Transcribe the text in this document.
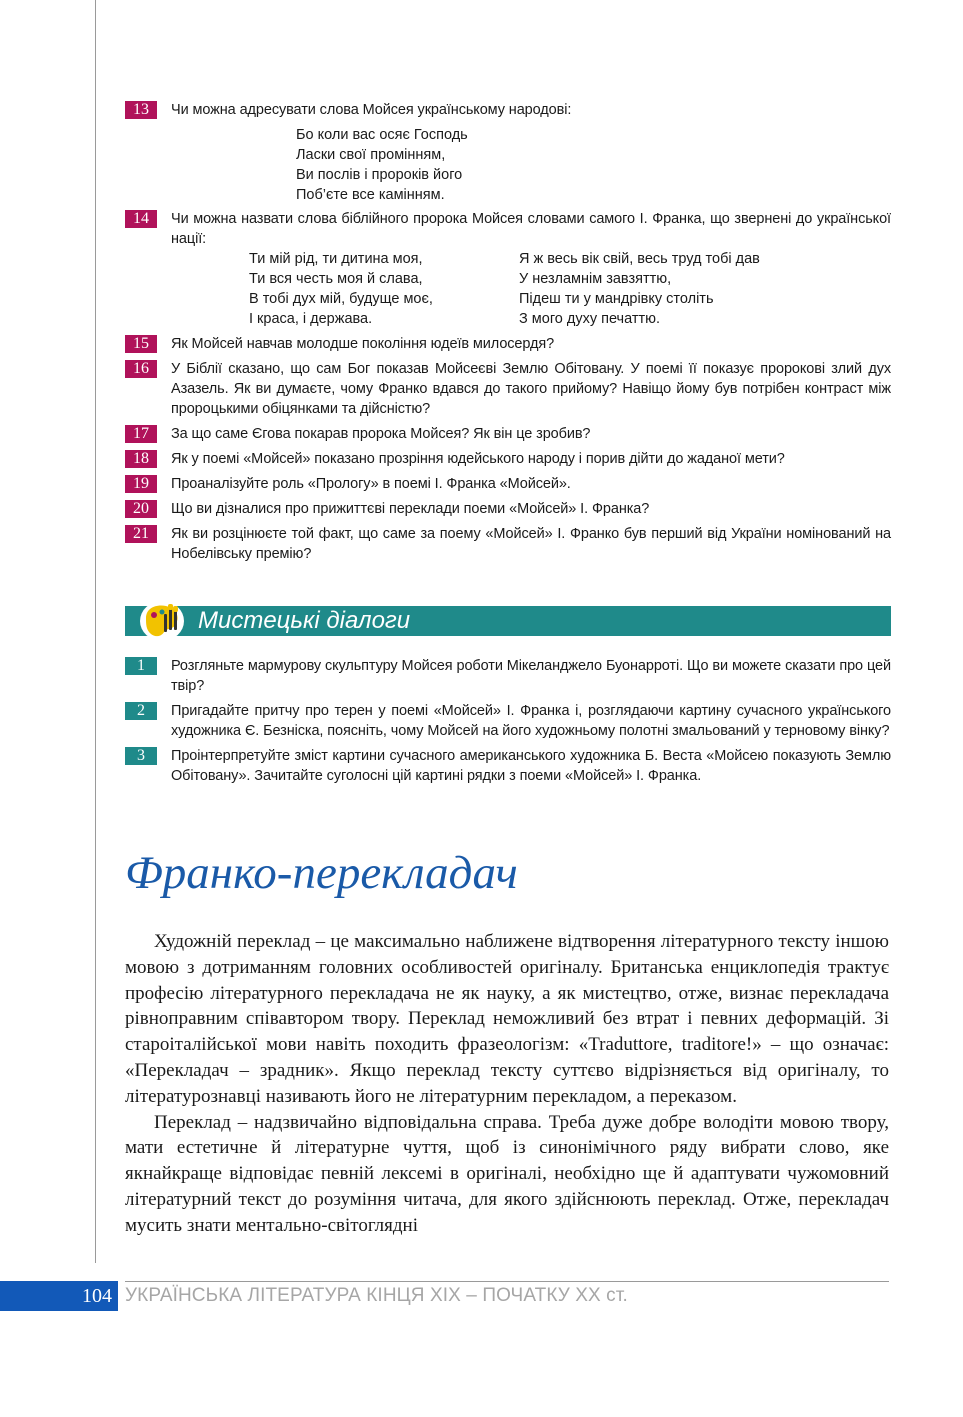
13	Чи можна адресувати слова Мойсея українському народові:
Бо коли вас осяє Господь
Ласки свої промінням,
Ви послів і пророків його
Поб’єте все камінням.
14	Чи можна назвати слова біблійного пророка Мойсея словами самого І. Франка, що звернені до української нації:
Ти мій рід, ти дитина моя,
Ти вся честь моя й слава,
В тобі дух мій, будуще моє,
І краса, і держава.
Я ж весь вік свій, весь труд тобі дав
У незламнім завзяттю,
Підеш ти у мандрівку століть
З мого духу печаттю.
15	Як Мойсей навчав молодше покоління юдеїв милосердя?
16	У Біблії сказано, що сам Бог показав Мойсеєві Землю Обітовану. У поемі її показує пророкові злий дух Азазель. Як ви думаєте, чому Франко вдався до такого прийому? Навіщо йому був потрібен контраст між пророцькими обіцянками та дійсністю?
17	За що саме Єгова покарав пророка Мойсея? Як він це зробив?
18	Як у поемі «Мойсей» показано прозріння юдейського народу і порив дійти до жаданої мети?
19	Проаналізуйте роль «Прологу» в поемі І. Франка «Мойсей».
20	Що ви дізналися про прижиттєві переклади поеми «Мойсей» І. Франка?
21	Як ви розцінюєте той факт, що саме за поему «Мойсей» І. Франко був перший від України номінований на Нобелівську премію?
Мистецькі діалоги
1	Розгляньте мармурову скульптуру Мойсея роботи Мікеланджело Буонарроті. Що ви можете сказати про цей твір?
2	Пригадайте притчу про терен у поемі «Мойсей» І. Франка і, розглядаючи картину сучасного українського художника Є. Безніска, поясніть, чому Мойсей на його художньому полотні змальований у терновому вінку?
3	Проінтерпретуйте зміст картини сучасного американського художника Б. Веста «Мойсею показують Землю Обітовану». Зачитайте суголосні цій картині рядки з поеми «Мойсей» І. Франка.
Франко-перекладач

Художній переклад – це максимально наближене відтворення літературного тексту іншою мовою з дотриманням головних особливостей оригіналу. Британська енциклопедія трактує професію літературного перекладача не як науку, а як мистецтво, отже, визнає перекладача рівноправним співавтором твору. Переклад неможливий без втрат і певних деформацій. Зі староіталійської мови навіть походить фразеологізм: «Traduttore, traditore!» – що означає: «Перекладач – зрадник». Якщо переклад тексту суттєво відрізняється від оригіналу, то літературознавці називають його не літературним перекладом, а переказом.

Переклад – надзвичайно відповідальна справа. Треба дуже добре володіти мовою твору, мати естетичне й літературне чуття, щоб із синонімічного ряду вибрати слово, яке якнайкраще відповідає певній лексемі в оригіналі, необхідно ще й адаптувати чужомовний літературний текст до розуміння читача, для якого здійснюють переклад. Отже, перекладач мусить знати ментально-світоглядні

104 УКРАЇНСЬКА ЛІТЕРАТУРА КІНЦЯ ХІХ – ПОЧАТКУ ХХ ст.
